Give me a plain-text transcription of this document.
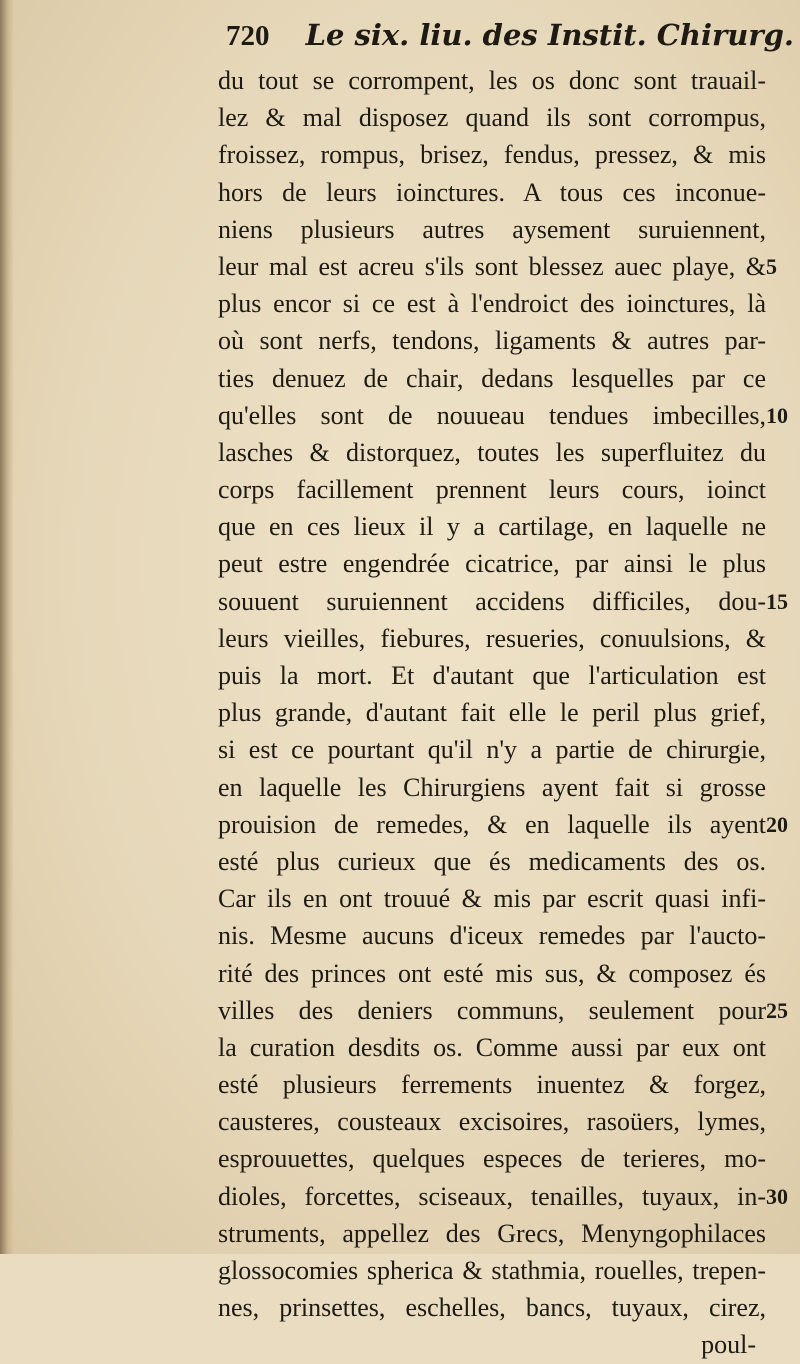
720 Le six. liu. des Instit. Chirurg.
du tout se corrompent, les os donc sont trauail-
lez & mal disposez quand ils sont corrompus,
froissez, rompus, brisez, fendus, pressez, & mis
hors de leurs ioinctures. A tous ces inconue-
niens plusieurs autres aysement suruiennent,
leur mal est acreu s'ils sont blessez auec playe, &
plus encor si ce est à l'endroict des ioinctures, là
où sont nerfs, tendons, ligaments & autres par-
ties denuez de chair, dedans lesquelles par ce
qu'elles sont de nouueau tendues imbecilles,
lasches & distorquez, toutes les superfluitez du
corps facillement prennent leurs cours, ioinct
que en ces lieux il y a cartilage, en laquelle ne
peut estre engendrée cicatrice, par ainsi le plus
souuent suruiennent accidens difficiles, dou-
leurs vieilles, fiebures, resueries, conuulsions, &
puis la mort. Et d'autant que l'articulation est
plus grande, d'autant fait elle le peril plus grief,
si est ce pourtant qu'il n'y a partie de chirurgie,
en laquelle les Chirurgiens ayent fait si grosse
prouision de remedes, & en laquelle ils ayent
esté plus curieux que és medicaments des os.
Car ils en ont trouué & mis par escrit quasi infi-
nis. Mesme aucuns d'iceux remedes par l'aucto-
rité des princes ont esté mis sus, & composez és
villes des deniers communs, seulement pour
la curation desdits os. Comme aussi par eux ont
esté plusieurs ferrements inuentez & forgez,
causteres, cousteaux excisoires, rasoüers, lymes,
esprouuettes, quelques especes de terieres, mo-
dioles, forcettes, sciseaux, tenailles, tuyaux, in-
struments, appellez des Grecs, Menyngophilaces
glossocomies spherica & stathmia, rouelles, trepen-
nes, prinsettes, eschelles, bancs, tuyaux, cirez,
poul-
5
10
15
20
25
30
